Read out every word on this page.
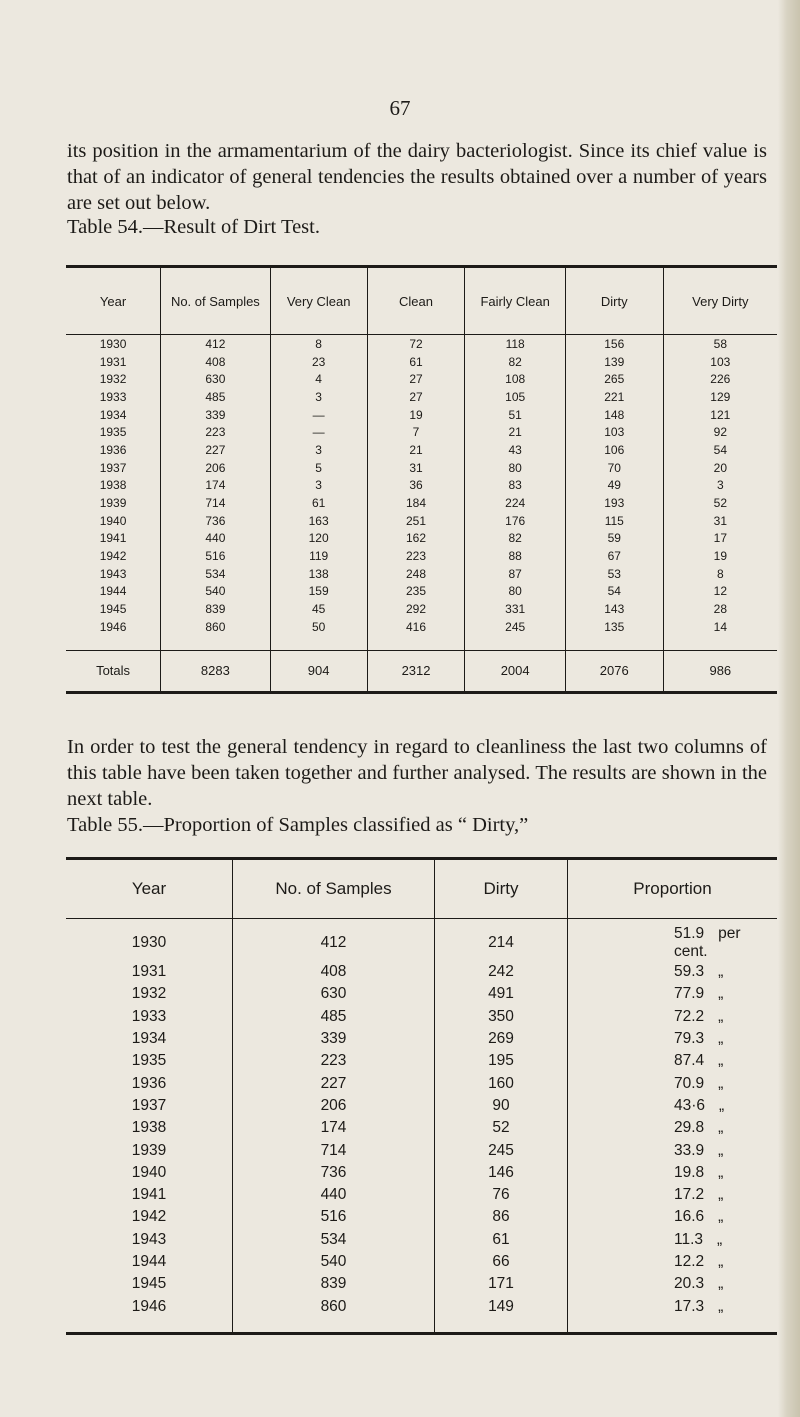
67
its position in the armamentarium of the dairy bacteriologist. Since its chief value is that of an indicator of general tendencies the results obtained over a number of years are set out below.
Table 54.—Result of Dirt Test.
Year	No. of Samples	Very Clean	Clean	Fairly Clean	Dirty	Very Dirty
1930	412	8	72	118	156	58
1931	408	23	61	82	139	103
1932	630	4	27	108	265	226
1933	485	3	27	105	221	129
1934	339	—	19	51	148	121
1935	223	—	7	21	103	92
1936	227	3	21	43	106	54
1937	206	5	31	80	70	20
1938	174	3	36	83	49	3
1939	714	61	184	224	193	52
1940	736	163	251	176	115	31
1941	440	120	162	82	59	17
1942	516	119	223	88	67	19
1943	534	138	248	87	53	8
1944	540	159	235	80	54	12
1945	839	45	292	331	143	28
1946	860	50	416	245	135	14

Totals	8283	904	2312	2004	2076	986
In order to test the general tendency in regard to cleanliness the last two columns of this table have been taken together and further analysed. The results are shown in the next table.
Table 55.—Proportion of Samples classified as “ Dirty,”
Year	No. of Samples	Dirty	Proportion
1930	412	214	51.9 per cent.
1931	408	242	59.3 „
1932	630	491	77.9 „
1933	485	350	72.2 „
1934	339	269	79.3 „
1935	223	195	87.4 „
1936	227	160	70.9 „
1937	206	90	43·6 „
1938	174	52	29.8 „
1939	714	245	33.9 „
1940	736	146	19.8 „
1941	440	76	17.2 „
1942	516	86	16.6 „
1943	534	61	11.3 „
1944	540	66	12.2 „
1945	839	171	20.3 „
1946	860	149	17.3 „
